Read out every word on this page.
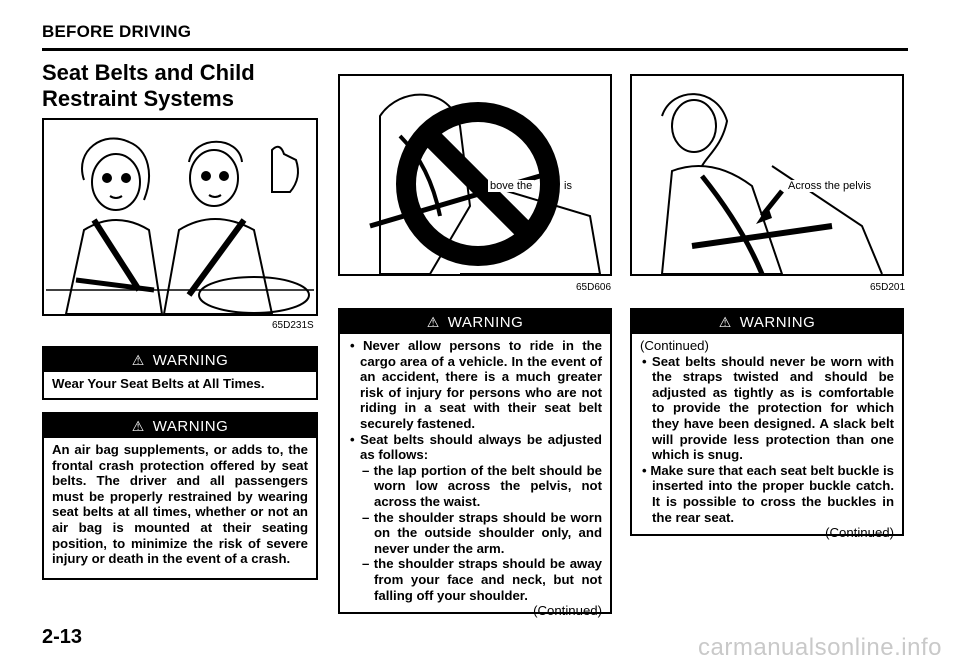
BEFORE DRIVING
Seat Belts and Child Restraint Systems
65D231S
⚠ WARNING

Wear Your Seat Belts at All Times.

⚠ WARNING

An air bag supplements, or adds to, the frontal crash protection offered by seat belts. The driver and all passengers must be properly restrained by wearing seat belts at all times, whether or not an air bag is mounted at their seating position, to minimize the risk of severe injury or death in the event of a crash.

bove the	is
65D606
Across the pelvis
65D201
⚠ WARNING

• Never allow persons to ride in the cargo area of a vehicle. In the event of an accident, there is a much greater risk of injury for persons who are not riding in a seat with their seat belt securely fastened.

• Seat belts should always be adjusted as follows:

– the lap portion of the belt should be worn low across the pelvis, not across the waist.

– the shoulder straps should be worn on the outside shoulder only, and never under the arm.

– the shoulder straps should be away from your face and neck, but not falling off your shoulder.

(Continued)

⚠ WARNING

(Continued)

• Seat belts should never be worn with the straps twisted and should be adjusted as tightly as is comfortable to provide the protection for which they have been designed. A slack belt will provide less protection than one which is snug.

• Make sure that each seat belt buckle is inserted into the proper buckle catch. It is possible to cross the buckles in the rear seat.

(Continued)

2-13	carmanualsonline.info
